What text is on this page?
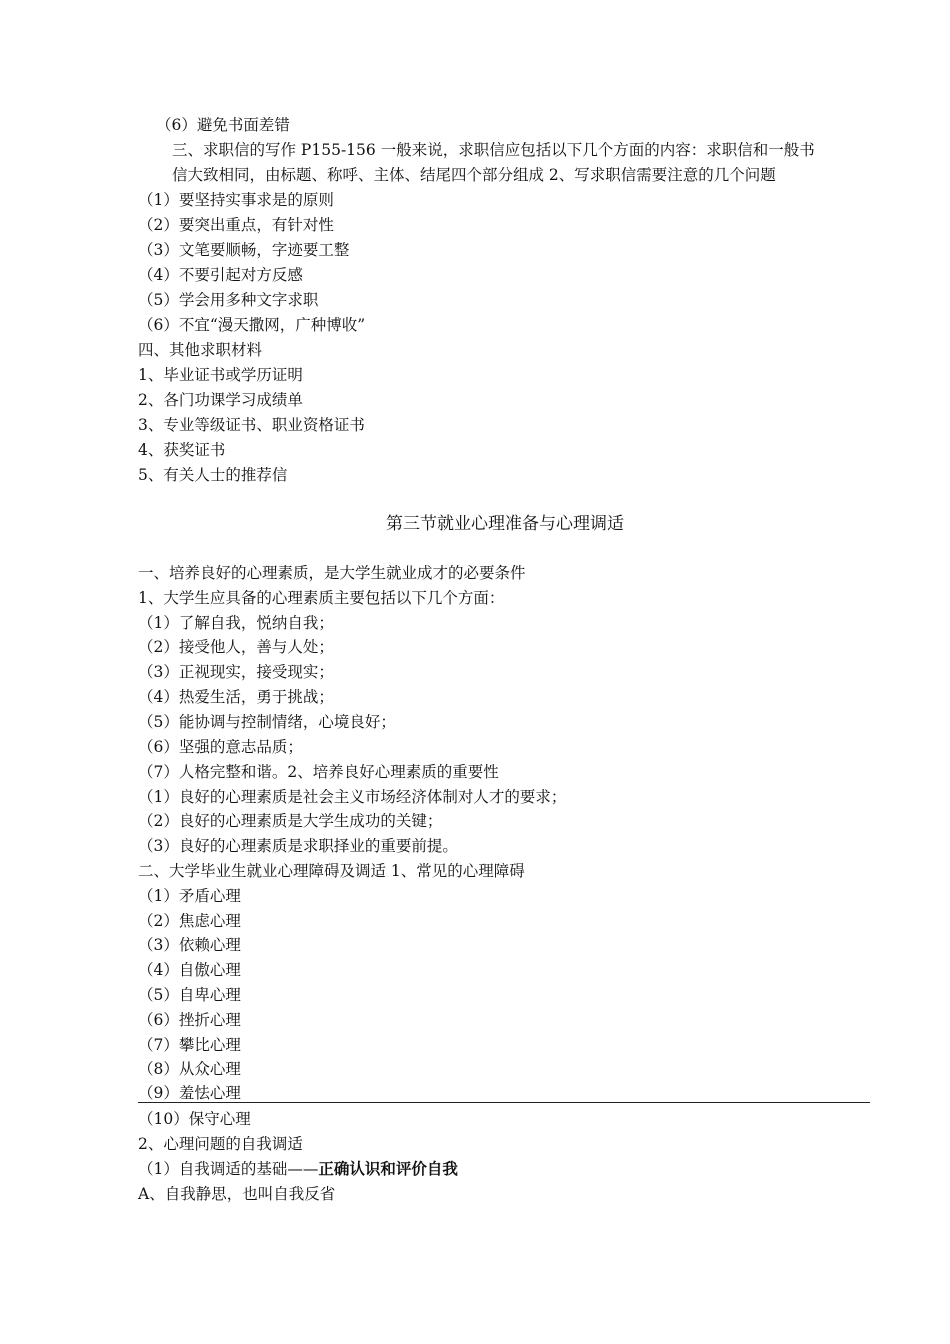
（6）避免书面差错
三、求职信的写作 P155-156 一般来说，求职信应包括以下几个方面的内容：求职信和一般书
信大致相同，由标题、称呼、主体、结尾四个部分组成 2、写求职信需要注意的几个问题
（1）要坚持实事求是的原则
（2）要突出重点，有针对性
（3）文笔要顺畅，字迹要工整
（4）不要引起对方反感
（5）学会用多种文字求职
（6）不宜“漫天撒网，广种博收”
四、其他求职材料
1、毕业证书或学历证明
2、各门功课学习成绩单
3、专业等级证书、职业资格证书
4、获奖证书
5、有关人士的推荐信
第三节就业心理准备与心理调适
一、培养良好的心理素质，是大学生就业成才的必要条件
1、大学生应具备的心理素质主要包括以下几个方面：
（1）了解自我，悦纳自我；
（2）接受他人，善与人处；
（3）正视现实，接受现实；
（4）热爱生活，勇于挑战；
（5）能协调与控制情绪，心境良好；
（6）坚强的意志品质；
（7）人格完整和谐。2、培养良好心理素质的重要性
（1）良好的心理素质是社会主义市场经济体制对人才的要求；
（2）良好的心理素质是大学生成功的关键；
（3）良好的心理素质是求职择业的重要前提。
二、大学毕业生就业心理障碍及调适 1、常见的心理障碍
（1）矛盾心理
（2）焦虑心理
（3）依赖心理
（4）自傲心理
（5）自卑心理
（6）挫折心理
（7）攀比心理
（8）从众心理
（9）羞怯心理
（10）保守心理
2、心理问题的自我调适
（1）自我调适的基础——正确认识和评价自我
A、自我静思，也叫自我反省
